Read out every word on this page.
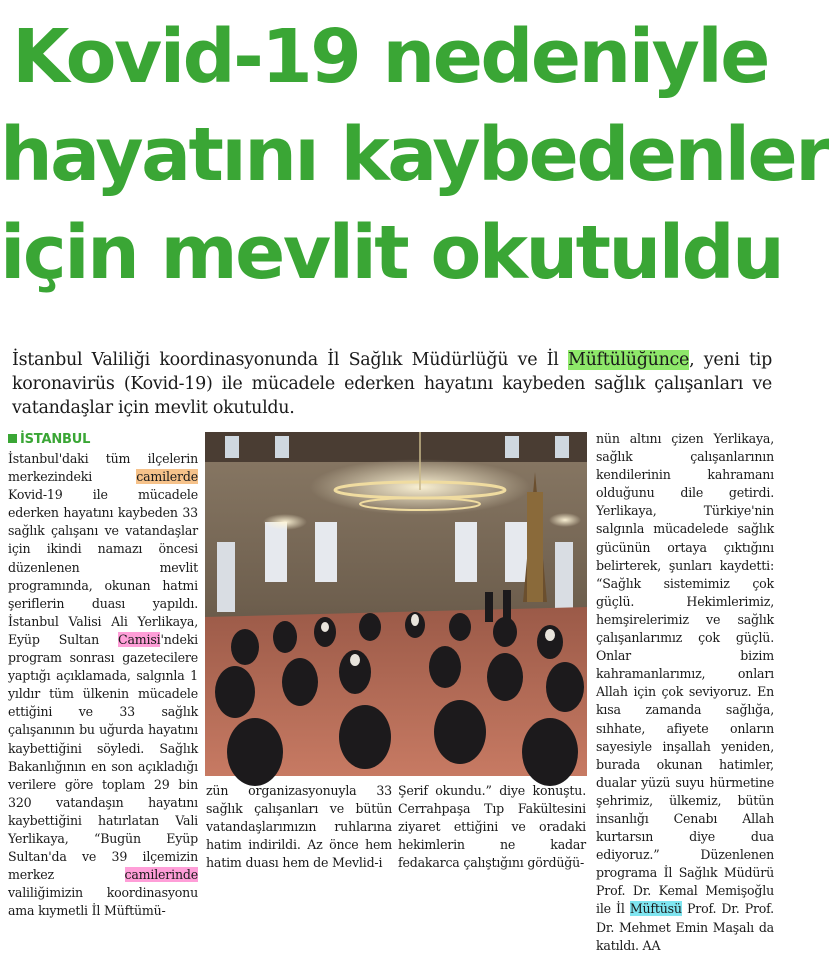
Kovid-19 nedeniyle
hayatını kaybedenler
için mevlit okutuldu

İstanbul Valiliği koordinasyonunda İl Sağlık Müdürlüğü ve İl Müftülüğünce, yeni tip koronavirüs (Kovid-19) ile mücadele ederken hayatını kaybeden sağlık çalışanları ve vatandaşlar için mevlit okutuldu.

İSTANBUL
İstanbul'daki tüm ilçelerin merkezindeki camilerde Kovid-19 ile mücadele ederken hayatını kaybeden 33 sağlık çalışanı ve vatandaşlar için ikindi namazı öncesi düzenlenen mevlit programında, okunan hatmi şeriflerin duası yapıldı. İstanbul Valisi Ali Yerlikaya, Eyüp Sultan Camisi'ndeki program sonrası gazetecilere yaptığı açıklamada, salgınla 1 yıldır tüm ülkenin mücadele ettiğini ve 33 sağlık çalışanının bu uğurda hayatını kaybettiğini söyledi. Sağlık Bakanlığının en son açıkladığı verilere göre toplam 29 bin 320 vatandaşın hayatını kaybettiğini hatırlatan Vali Yerlikaya, “Bugün Eyüp Sultan'da ve 39 ilçemizin merkez camilerinde valiliğimizin koordinasyonu ama kıymetli İl Müftümü-
zün organizasyonuyla 33 sağlık çalışanları ve bütün vatandaşlarımızın ruhlarına hatim indirildi. Az önce hem hatim duası hem de Mevlid-i
Şerif okundu.” diye konuştu. Cerrahpaşa Tıp Fakültesini ziyaret ettiğini ve oradaki hekimlerin ne kadar fedakarca çalıştığını gördüğü-
nün altını çizen Yerlikaya, sağlık çalışanlarının kendilerinin kahramanı olduğunu dile getirdi. Yerlikaya, Türkiye'nin salgınla mücadelede sağlık gücünün ortaya çıktığını belirterek, şunları kaydetti: “Sağlık sistemimiz çok güçlü. Hekimlerimiz, hemşirelerimiz ve sağlık çalışanlarımız çok güçlü. Onlar bizim kahramanlarımız, onları Allah için çok seviyoruz. En kısa zamanda sağlığa, sıhhate, afiyete onların sayesiyle inşallah yeniden, burada okunan hatimler, dualar yüzü suyu hürmetine şehrimiz, ülkemiz, bütün insanlığı Cenabı Allah kurtarsın diye dua ediyoruz.” Düzenlenen programa İl Sağlık Müdürü Prof. Dr. Kemal Memişoğlu ile İl Müftüsü Prof. Dr. Prof. Dr. Mehmet Emin Maşalı da katıldı. AA
